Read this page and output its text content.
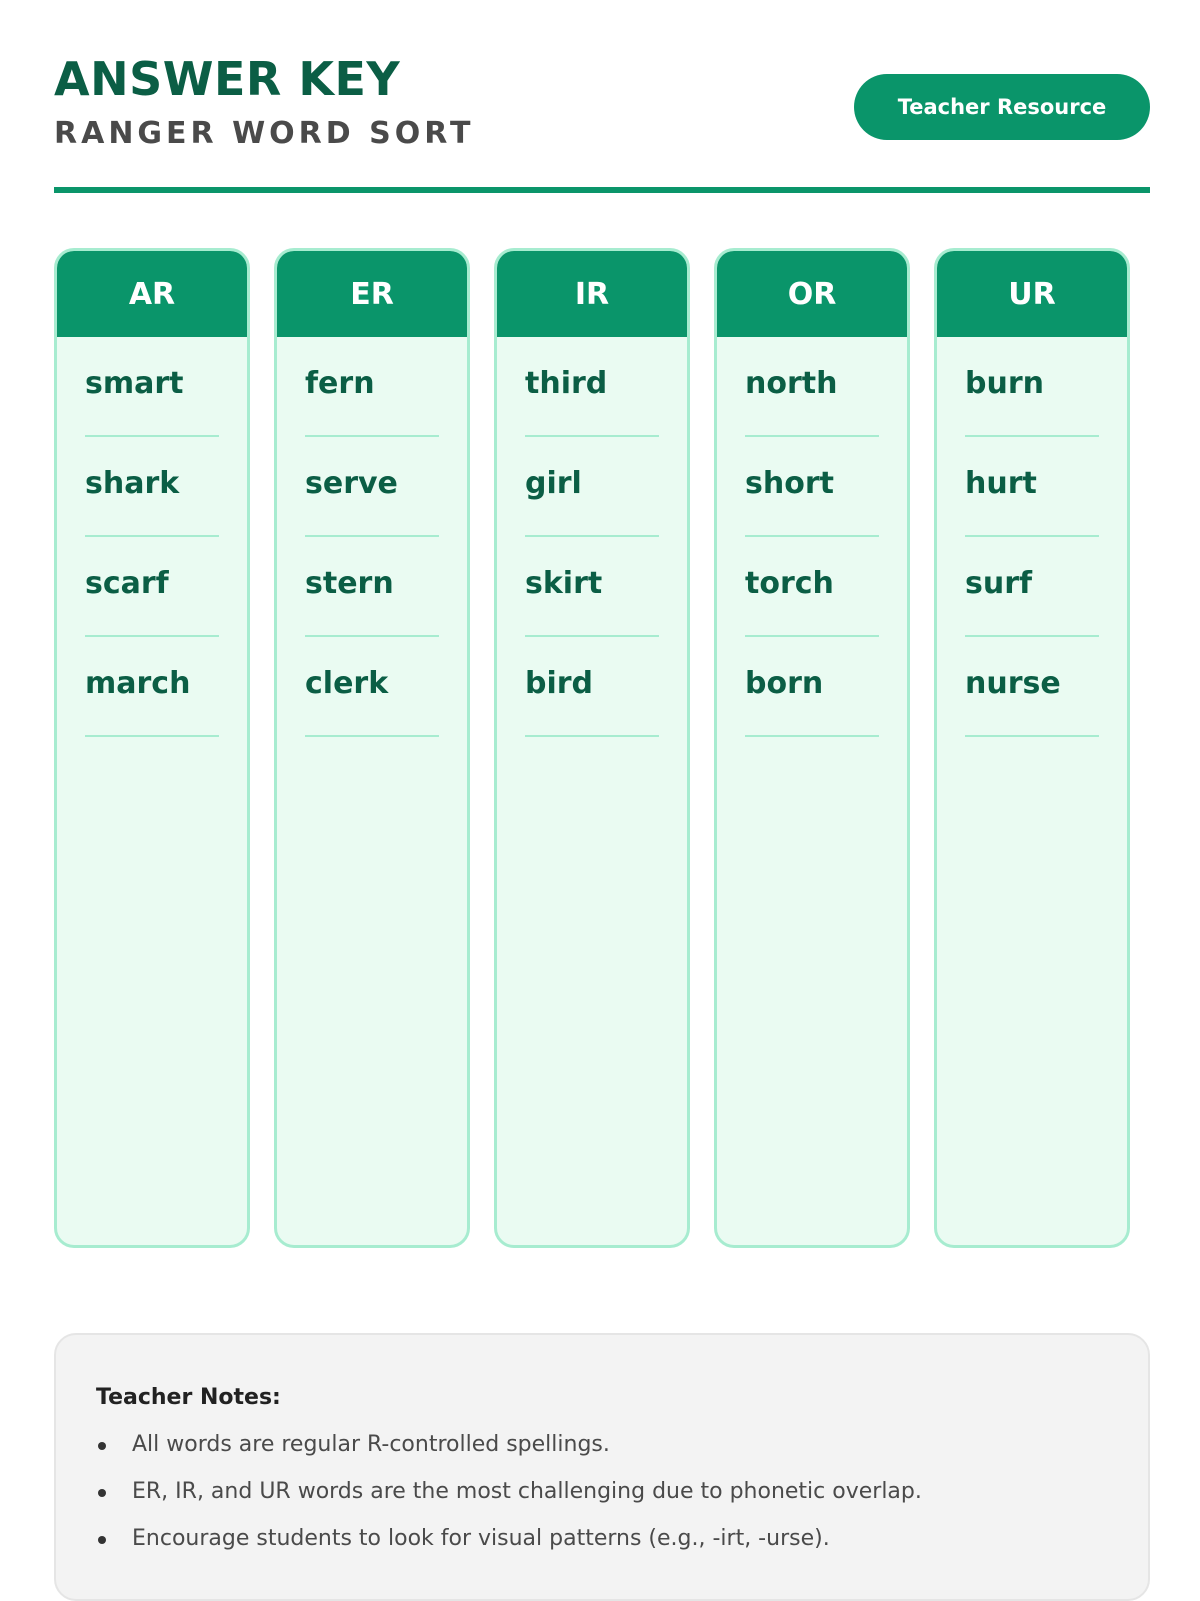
ANSWER KEY
RANGER WORD SORT
Teacher Resource
AR
smart
shark
scarf
march
ER
fern
serve
stern
clerk
IR
third
girl
skirt
bird
OR
north
short
torch
born
UR
burn
hurt
surf
nurse
Teacher Notes:
All words are regular R-controlled spellings.
ER, IR, and UR words are the most challenging due to phonetic overlap.
Encourage students to look for visual patterns (e.g., -irt, -urse).
